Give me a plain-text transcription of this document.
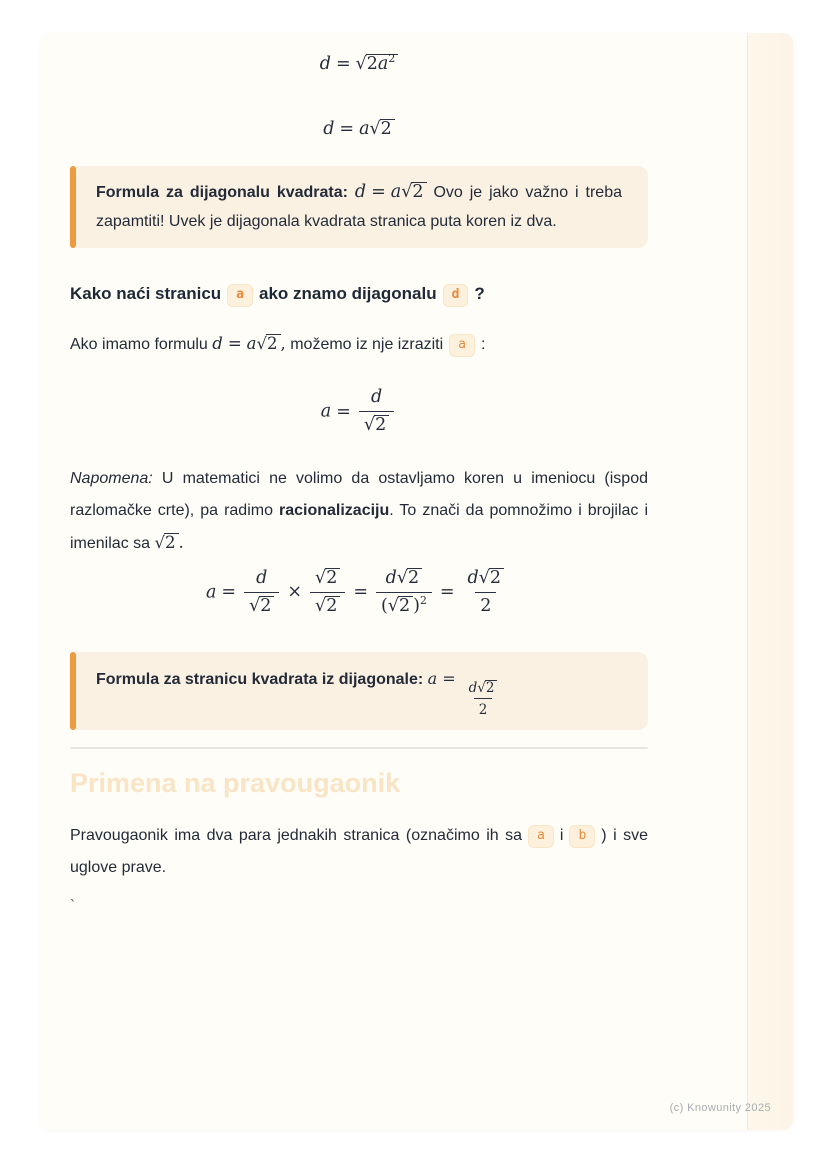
$d = √2a^2$
d = a√2
Formula za dijagonalu kvadrata: d = a√2 Ovo je jako važno i treba zapamtiti! Uvek je dijagonala kvadrata stranica puta koren iz dva.
Kako naći stranicu a ako znamo dijagonalu d ?

Ako imamo formulu d = a√2 , možemo iz nje izraziti a :

$a = \frac{d}{√2}$

Napomena: U matematici ne volimo da ostavljamo koren u imeniocu (ispod razlomačke crte), pa radimo racionalizaciju. To znači da pomnožimo i brojilac i imenilac sa √2 .

$a = \frac{d}{√2} \times \frac{√2}{√2} = \frac{d√2}{(√2 )^2} = \frac{d√2}{2}$
Formula za stranicu kvadrata iz dijagonale: a =
$\frac{d√2}{2}$
Primena na pravougaonik

Pravougaonik ima dva para jednakih stranica (označimo ih sa a i b ) i sve uglove prave.

`
(c) Knowunity 2025
